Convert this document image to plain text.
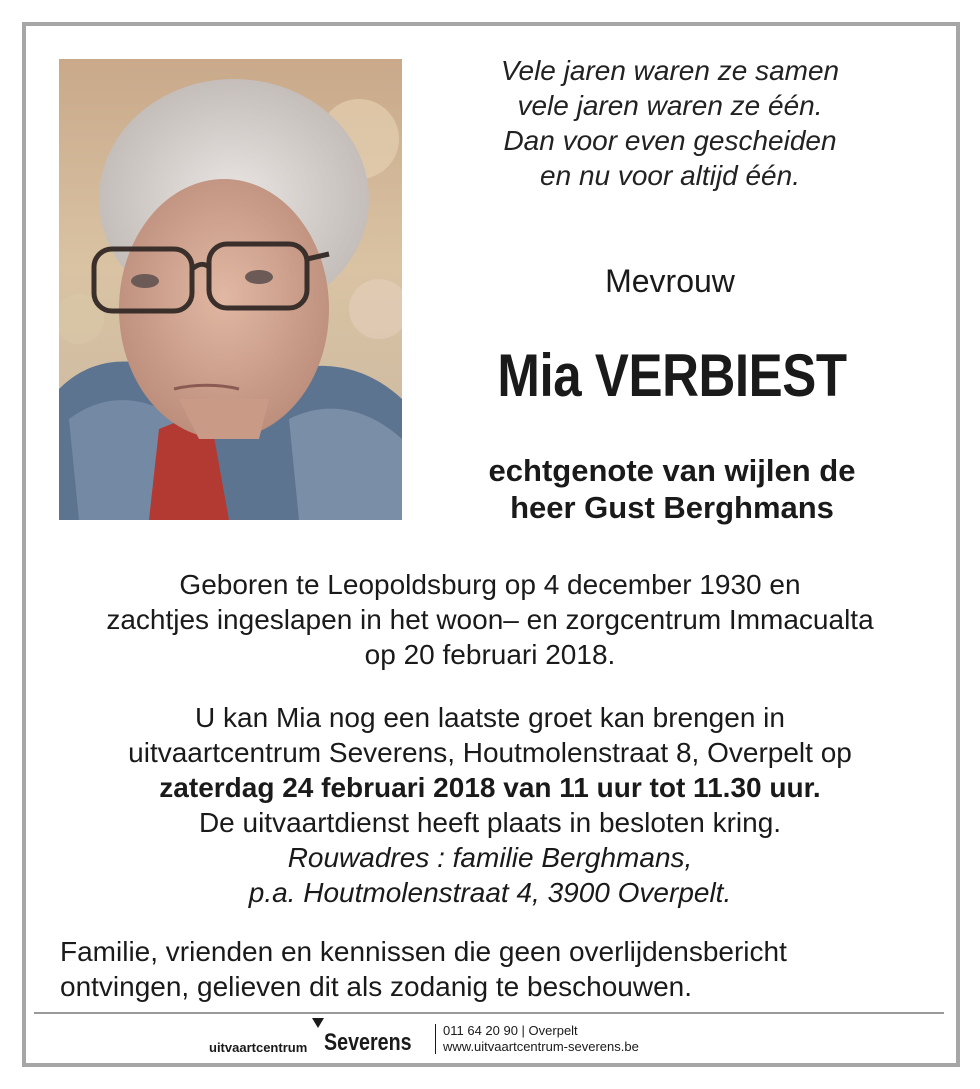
Vele jaren waren ze samen
vele jaren waren ze één.
Dan voor even gescheiden
en nu voor altijd één.
Mevrouw
Mia VERBIEST
echtgenote van wijlen de
heer Gust Berghmans
Geboren te Leopoldsburg op 4 december 1930 en
zachtjes ingeslapen in het woon– en zorgcentrum Immacualta
op 20 februari 2018.
U kan Mia nog een laatste groet kan brengen in
uitvaartcentrum Severens, Houtmolenstraat 8, Overpelt op
zaterdag 24 februari 2018 van 11 uur tot 11.30 uur.
De uitvaartdienst heeft plaats in besloten kring.
Rouwadres : familie Berghmans,
p.a. Houtmolenstraat 4, 3900 Overpelt.
Familie, vrienden en kennissen die geen overlijdensbericht
ontvingen, gelieven dit als zodanig te beschouwen.
uitvaartcentrum Severens 011 64 20 90 | Overpelt
www.uitvaartcentrum-severens.be
